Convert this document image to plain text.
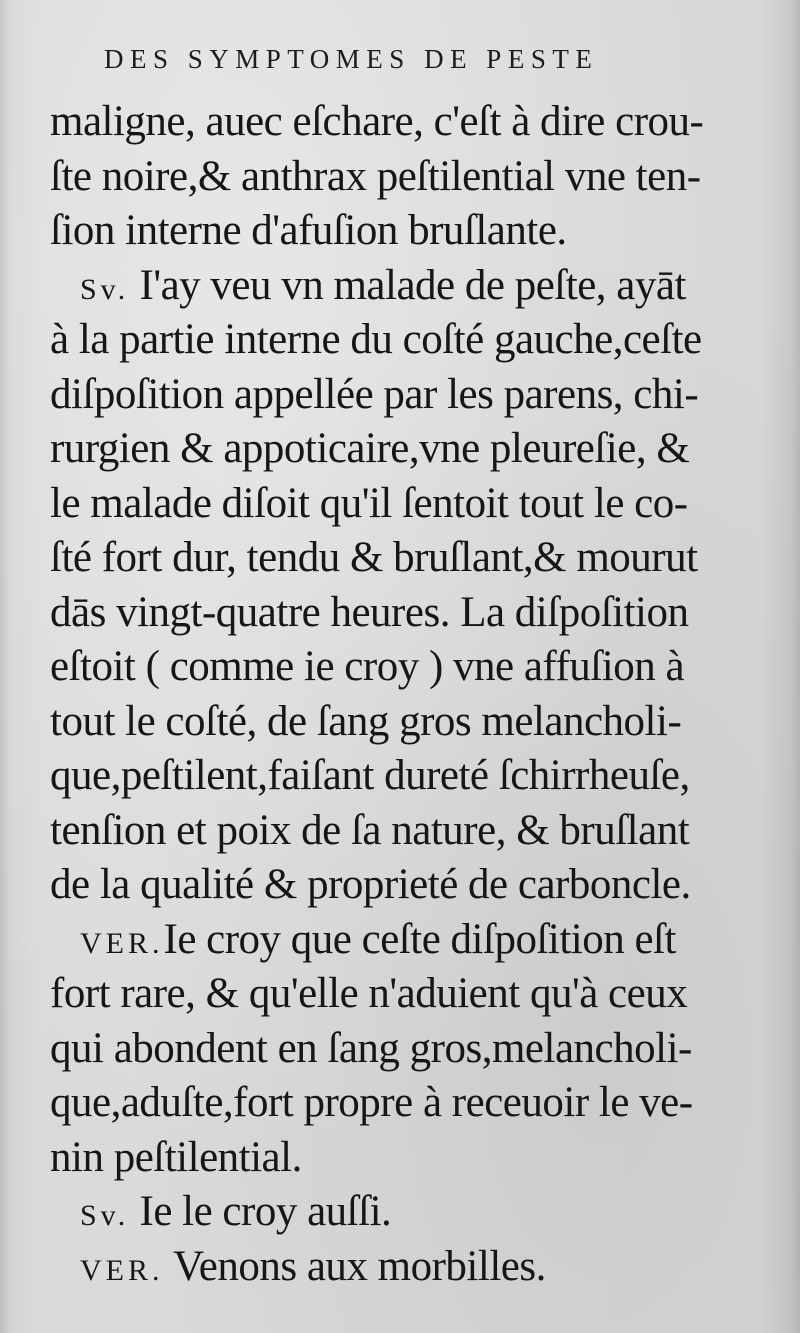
DES SYMPTOMES DE PESTE
maligne, auec eſchare, c'eſt à dire crou-
ſte noire,& anthrax peſtilential vne ten-
ſion interne d'afuſion bruſlante.
Sv. I'ay veu vn malade de peſte, ayāt
à la partie interne du coſté gauche,ceſte
diſpoſition appellée par les parens, chi-
rurgien & appoticaire,vne pleureſie, &
le malade diſoit qu'il ſentoit tout le co-
ſté fort dur, tendu & bruſlant,& mourut
dās vingt-quatre heures. La diſpoſition
eſtoit ( comme ie croy ) vne affuſion à
tout le coſté, de ſang gros melancholi-
que,peſtilent,faiſant dureté ſchirrheuſe,
tenſion et poix de ſa nature, & bruſlant
de la qualité & proprieté de carboncle.
VER.Ie croy que ceſte diſpoſition eſt
fort rare, & qu'elle n'aduient qu'à ceux
qui abondent en ſang gros,melancholi-
que,aduſte,fort propre à receuoir le ve-
nin peſtilential.
Sv. Ie le croy auſſi.
VER. Venons aux morbilles.
